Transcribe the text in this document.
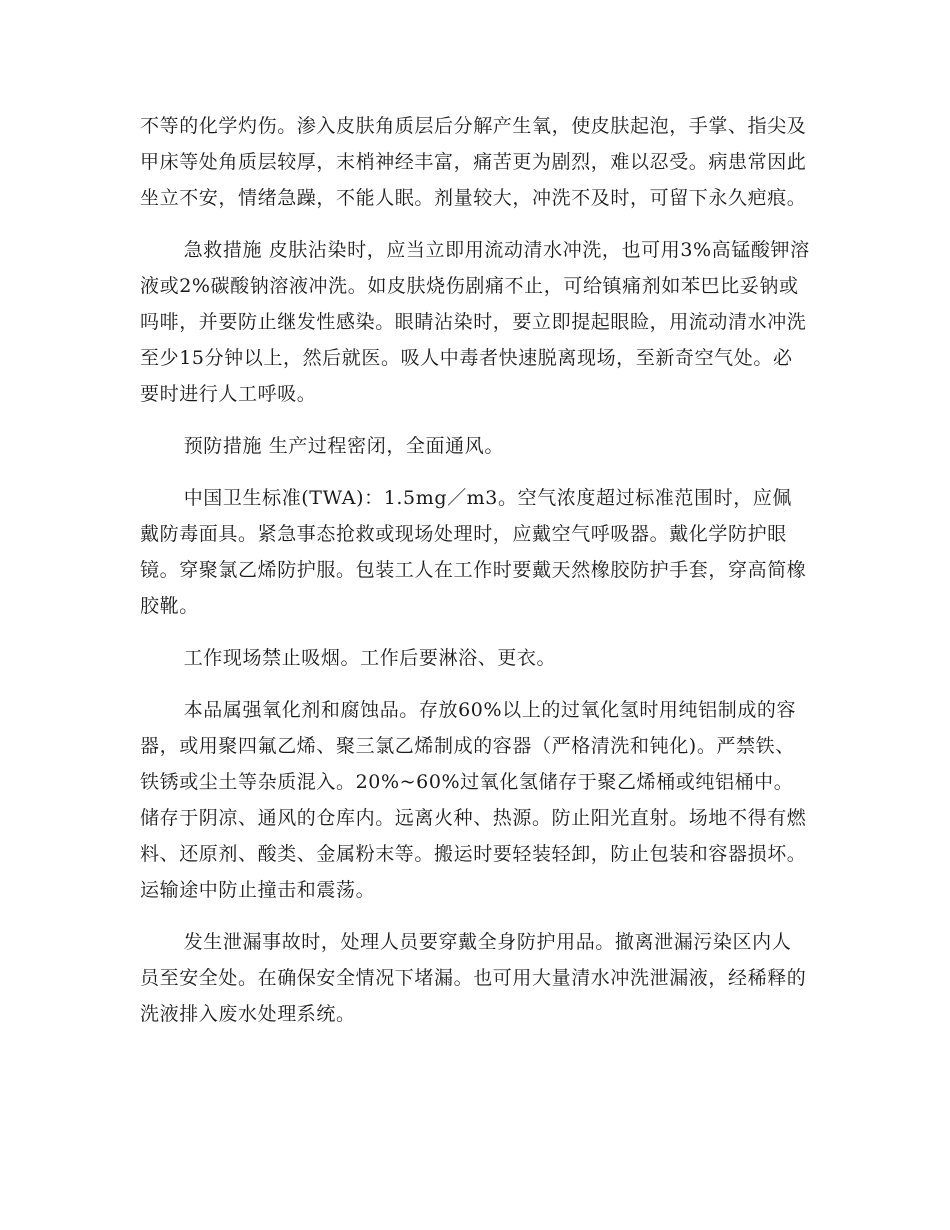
不等的化学灼伤。渗入皮肤角质层后分解产生氧，使皮肤起泡，手掌、指尖及甲床等处角质层较厚，末梢神经丰富，痛苦更为剧烈，难以忍受。病患常因此坐立不安，情绪急躁，不能人眠。剂量较大，冲洗不及时，可留下永久疤痕。

急救措施 皮肤沾染时，应当立即用流动清水冲洗，也可用3%高锰酸钾溶液或2%碳酸钠溶液冲洗。如皮肤烧伤剧痛不止，可给镇痛剂如苯巴比妥钠或吗啡，并要防止继发性感染。眼睛沾染时，要立即提起眼睑，用流动清水冲洗至少15分钟以上，然后就医。吸人中毒者快速脱离现场，至新奇空气处。必要时进行人工呼吸。

预防措施 生产过程密闭，全面通风。

中国卫生标准(TWA)：1.5mg／m3。空气浓度超过标准范围时，应佩戴防毒面具。紧急事态抢救或现场处理时，应戴空气呼吸器。戴化学防护眼镜。穿聚氯乙烯防护服。包装工人在工作时要戴天然橡胶防护手套，穿高简橡胶靴。

工作现场禁止吸烟。工作后要淋浴、更衣。

本品属强氧化剂和腐蚀品。存放60%以上的过氧化氢时用纯铝制成的容器，或用聚四氟乙烯、聚三氯乙烯制成的容器（严格清洗和钝化)。严禁铁、铁锈或尘土等杂质混入。20%~60%过氧化氢储存于聚乙烯桶或纯铝桶中。储存于阴凉、通风的仓库内。远离火种、热源。防止阳光直射。场地不得有燃料、还原剂、酸类、金属粉末等。搬运时要轻装轻卸，防止包装和容器损坏。运输途中防止撞击和震荡。

发生泄漏事故时，处理人员要穿戴全身防护用品。撤离泄漏污染区内人员至安全处。在确保安全情况下堵漏。也可用大量清水冲洗泄漏液，经稀释的洗液排入废水处理系统。
